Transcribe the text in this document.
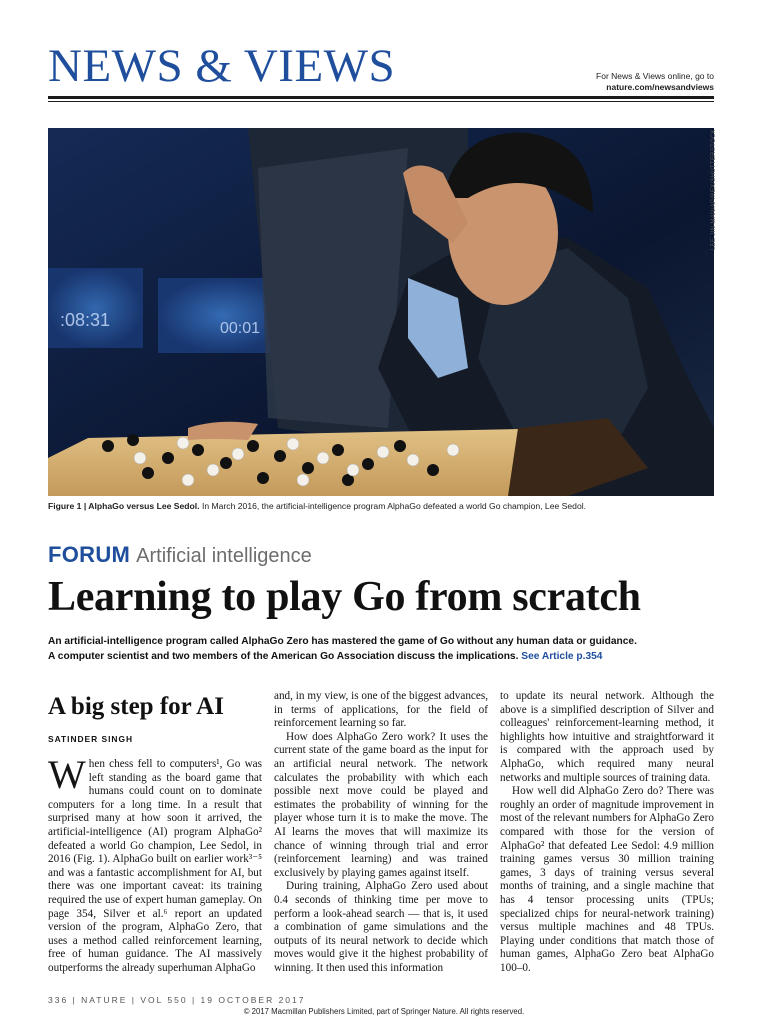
NEWS & VIEWS	For News & Views online, go to
nature.com/newsandviews
:08:31	00:01
LEE JIN-MAN/AP/REX/SHUTTERSTOCK
Figure 1 | AlphaGo versus Lee Sedol. In March 2016, the artificial-intelligence program AlphaGo defeated a world Go champion, Lee Sedol.
FORUM Artificial intelligence
Learning to play Go from scratch
An artificial-intelligence program called AlphaGo Zero has mastered the game of Go without any human data or guidance.
A computer scientist and two members of the American Go Association discuss the implications. See Article p.354
A big step for AI
SATINDER SINGH

When chess fell to computers¹, Go was left standing as the board game that humans could count on to dominate computers for a long time. In a result that surprised many at how soon it arrived, the artificial-intelligence (AI) program AlphaGo² defeated a world Go champion, Lee Sedol, in 2016 (Fig. 1). AlphaGo built on earlier work³⁻⁵ and was a fantastic accomplishment for AI, but there was one important caveat: its training required the use of expert human gameplay. On page 354, Silver et al.⁶ report an updated version of the program, AlphaGo Zero, that uses a method called reinforcement learning, free of human guidance. The AI massively outperforms the already superhuman AlphaGo

and, in my view, is one of the biggest advances, in terms of applications, for the field of reinforcement learning so far.

How does AlphaGo Zero work? It uses the current state of the game board as the input for an artificial neural network. The network calculates the probability with which each possible next move could be played and estimates the probability of winning for the player whose turn it is to make the move. The AI learns the moves that will maximize its chance of winning through trial and error (reinforcement learning) and was trained exclusively by playing games against itself.

During training, AlphaGo Zero used about 0.4 seconds of thinking time per move to perform a look-ahead search — that is, it used a combination of game simulations and the outputs of its neural network to decide which moves would give it the highest probability of winning. It then used this information

to update its neural network. Although the above is a simplified description of Silver and colleagues' reinforcement-learning method, it highlights how intuitive and straightforward it is compared with the approach used by AlphaGo, which required many neural networks and multiple sources of training data.

How well did AlphaGo Zero do? There was roughly an order of magnitude improvement in most of the relevant numbers for AlphaGo Zero compared with those for the version of AlphaGo² that defeated Lee Sedol: 4.9 million training games versus 30 million training games, 3 days of training versus several months of training, and a single machine that has 4 tensor processing units (TPUs; specialized chips for neural-network training) versus multiple machines and 48 TPUs. Playing under conditions that match those of human games, AlphaGo Zero beat AlphaGo 100–0.

336 | NATURE | VOL 550 | 19 OCTOBER 2017
© 2017 Macmillan Publishers Limited, part of Springer Nature. All rights reserved.
